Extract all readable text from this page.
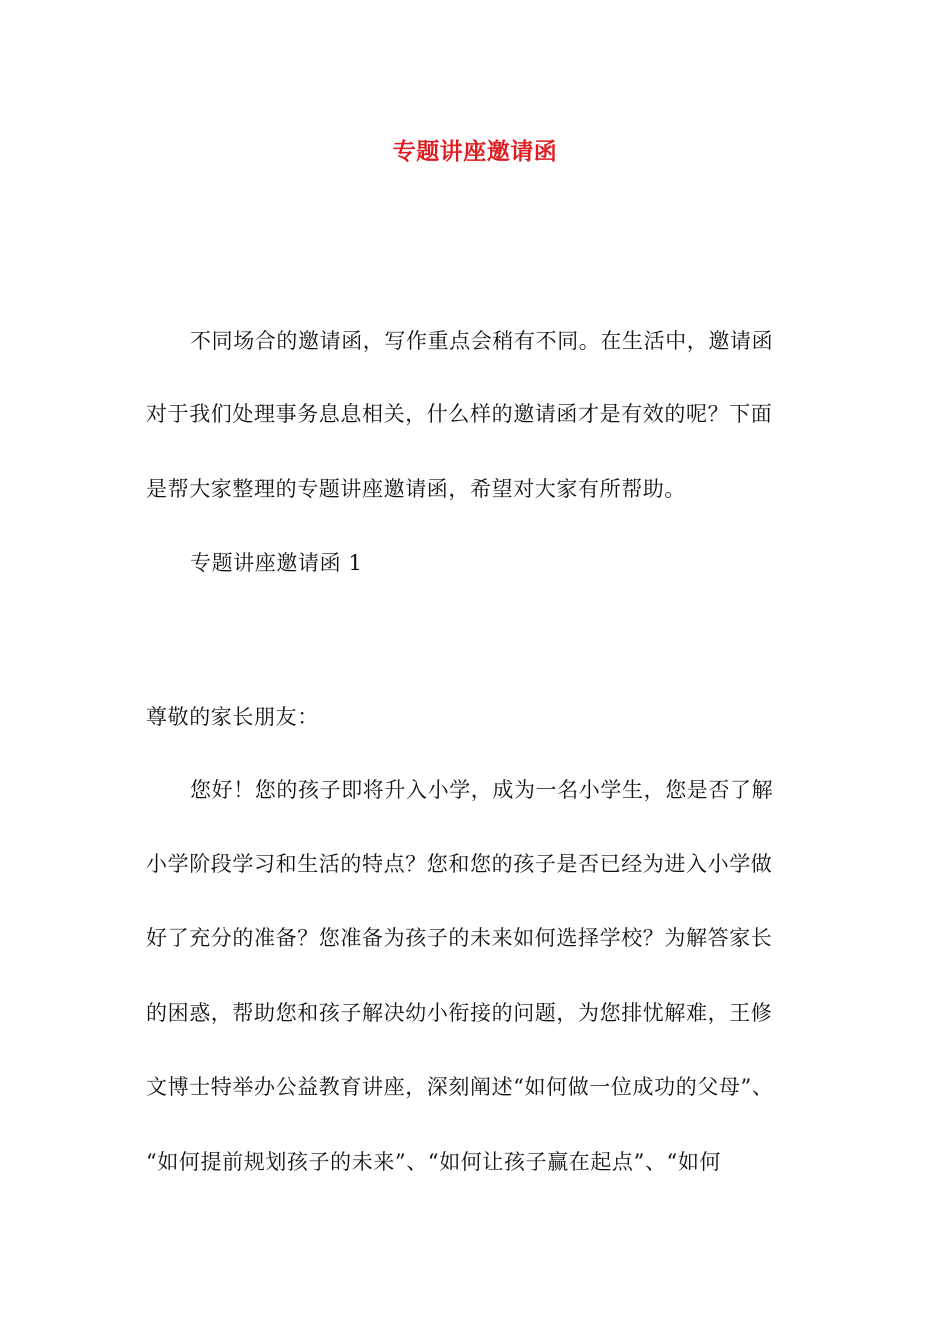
专题讲座邀请函
不同场合的邀请函，写作重点会稍有不同。在生活中，邀请函
对于我们处理事务息息相关，什么样的邀请函才是有效的呢？下面
是帮大家整理的专题讲座邀请函，希望对大家有所帮助。
专题讲座邀请函 1
尊敬的家长朋友：
您好！您的孩子即将升入小学，成为一名小学生，您是否了解
小学阶段学习和生活的特点？您和您的孩子是否已经为进入小学做
好了充分的准备？您准备为孩子的未来如何选择学校？为解答家长
的困惑，帮助您和孩子解决幼小衔接的问题，为您排忧解难，王修
文博士特举办公益教育讲座，深刻阐述“如何做一位成功的父母”、
“如何提前规划孩子的未来”、“如何让孩子赢在起点”、“如何
